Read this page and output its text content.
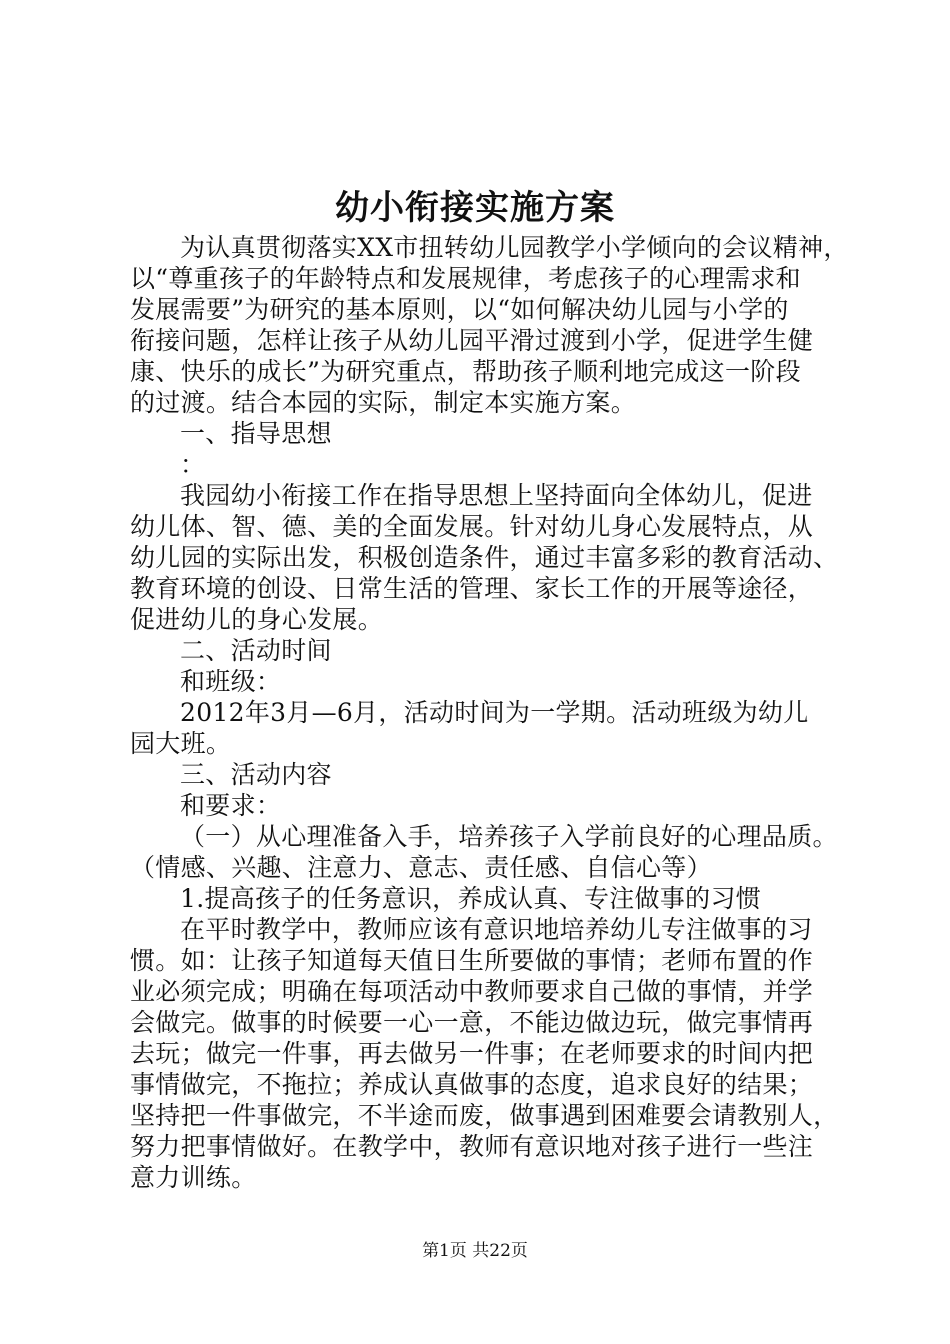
幼小衔接实施方案
为认真贯彻落实XX市扭转幼儿园教学小学倾向的会议精神，
以“尊重孩子的年龄特点和发展规律，考虑孩子的心理需求和
发展需要”为研究的基本原则，以“如何解决幼儿园与小学的
衔接问题，怎样让孩子从幼儿园平滑过渡到小学，促进学生健
康、快乐的成长”为研究重点，帮助孩子顺利地完成这一阶段
的过渡。结合本园的实际，制定本实施方案。
一、指导思想
：
我园幼小衔接工作在指导思想上坚持面向全体幼儿，促进
幼儿体、智、德、美的全面发展。针对幼儿身心发展特点，从
幼儿园的实际出发，积极创造条件，通过丰富多彩的教育活动、
教育环境的创设、日常生活的管理、家长工作的开展等途径，
促进幼儿的身心发展。
二、活动时间
和班级：
2012年3月—6月，活动时间为一学期。活动班级为幼儿
园大班。
三、活动内容
和要求：
（一）从心理准备入手，培养孩子入学前良好的心理品质。
（情感、兴趣、注意力、意志、责任感、自信心等）
1.提高孩子的任务意识，养成认真、专注做事的习惯
在平时教学中，教师应该有意识地培养幼儿专注做事的习
惯。如：让孩子知道每天值日生所要做的事情；老师布置的作
业必须完成；明确在每项活动中教师要求自己做的事情，并学
会做完。做事的时候要一心一意，不能边做边玩，做完事情再
去玩；做完一件事，再去做另一件事；在老师要求的时间内把
事情做完，不拖拉；养成认真做事的态度，追求良好的结果；
坚持把一件事做完，不半途而废，做事遇到困难要会请教别人，
努力把事情做好。在教学中，教师有意识地对孩子进行一些注
意力训练。
第1页 共22页
